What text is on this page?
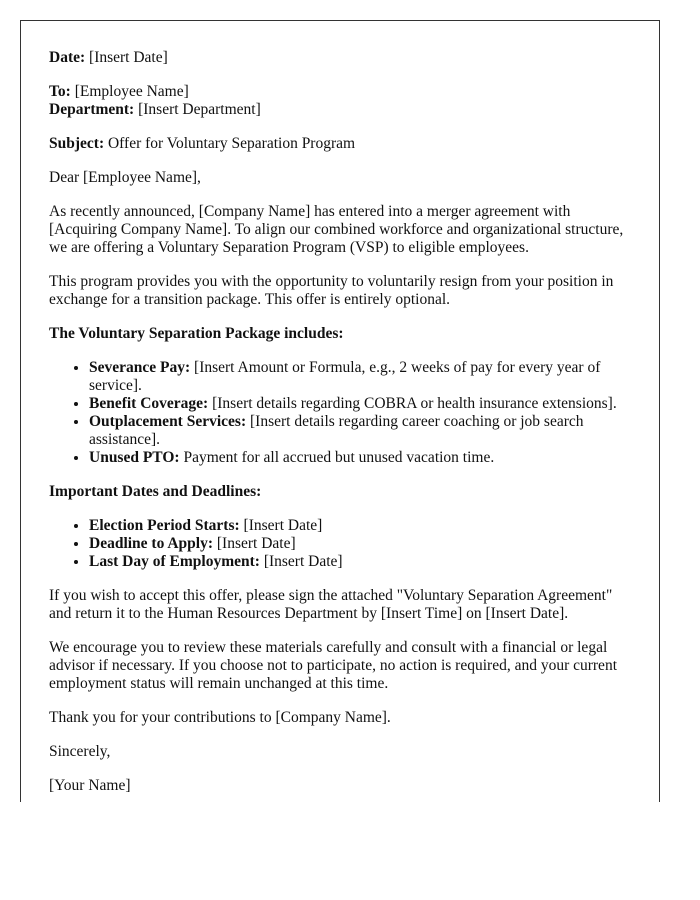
Date: [Insert Date]

To: [Employee Name]
Department: [Insert Department]

Subject: Offer for Voluntary Separation Program

Dear [Employee Name],

As recently announced, [Company Name] has entered into a merger agreement with [Acquiring Company Name]. To align our combined workforce and organizational structure, we are offering a Voluntary Separation Program (VSP) to eligible employees.

This program provides you with the opportunity to voluntarily resign from your position in exchange for a transition package. This offer is entirely optional.

The Voluntary Separation Package includes:

• Severance Pay: [Insert Amount or Formula, e.g., 2 weeks of pay for every year of service].
• Benefit Coverage: [Insert details regarding COBRA or health insurance extensions].
• Outplacement Services: [Insert details regarding career coaching or job search assistance].
• Unused PTO: Payment for all accrued but unused vacation time.

Important Dates and Deadlines:

• Election Period Starts: [Insert Date]
• Deadline to Apply: [Insert Date]
• Last Day of Employment: [Insert Date]

If you wish to accept this offer, please sign the attached "Voluntary Separation Agreement" and return it to the Human Resources Department by [Insert Time] on [Insert Date].

We encourage you to review these materials carefully and consult with a financial or legal advisor if necessary. If you choose not to participate, no action is required, and your current employment status will remain unchanged at this time.

Thank you for your contributions to [Company Name].

Sincerely,

[Your Name]
